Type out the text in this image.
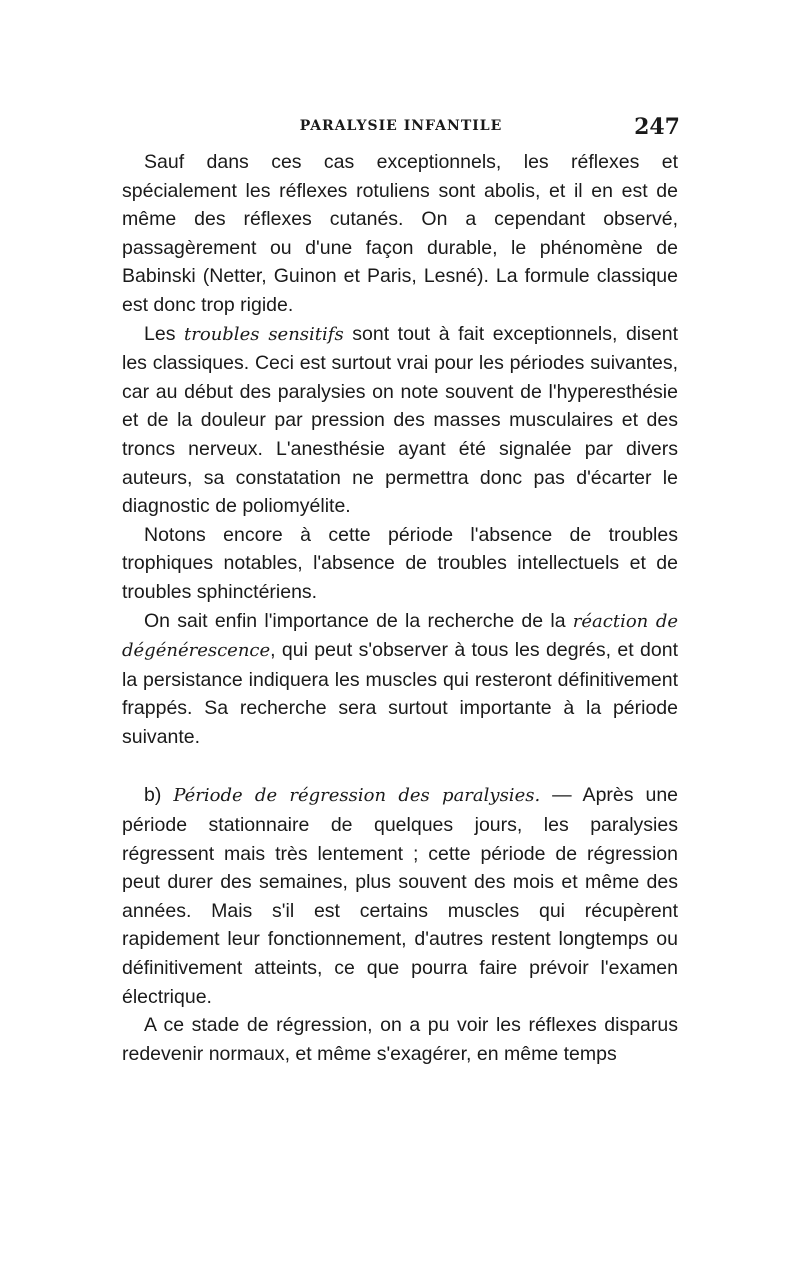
PARALYSIE INFANTILE	247

Sauf dans ces cas exceptionnels, les réflexes et spécialement les réflexes rotuliens sont abolis, et il en est de même des réflexes cutanés. On a cependant observé, passagèrement ou d'une façon durable, le phénomène de Babinski (Netter, Guinon et Paris, Lesné). La formule classique est donc trop rigide.

Les troubles sensitifs sont tout à fait exceptionnels, disent les classiques. Ceci est surtout vrai pour les périodes suivantes, car au début des paralysies on note souvent de l'hyperesthésie et de la douleur par pression des masses musculaires et des troncs nerveux. L'anesthésie ayant été signalée par divers auteurs, sa constatation ne permettra donc pas d'écarter le diagnostic de poliomyélite.

Notons encore à cette période l'absence de troubles trophiques notables, l'absence de troubles intellectuels et de troubles sphinctériens.

On sait enfin l'importance de la recherche de la réaction de dégénérescence, qui peut s'observer à tous les degrés, et dont la persistance indiquera les muscles qui resteront définitivement frappés. Sa recherche sera surtout importante à la période suivante.

b) Période de régression des paralysies. — Après une période stationnaire de quelques jours, les paralysies régressent mais très lentement ; cette période de régression peut durer des semaines, plus souvent des mois et même des années. Mais s'il est certains muscles qui récupèrent rapidement leur fonctionnement, d'autres restent longtemps ou définitivement atteints, ce que pourra faire prévoir l'examen électrique.

A ce stade de régression, on a pu voir les réflexes disparus redevenir normaux, et même s'exagérer, en même temps
